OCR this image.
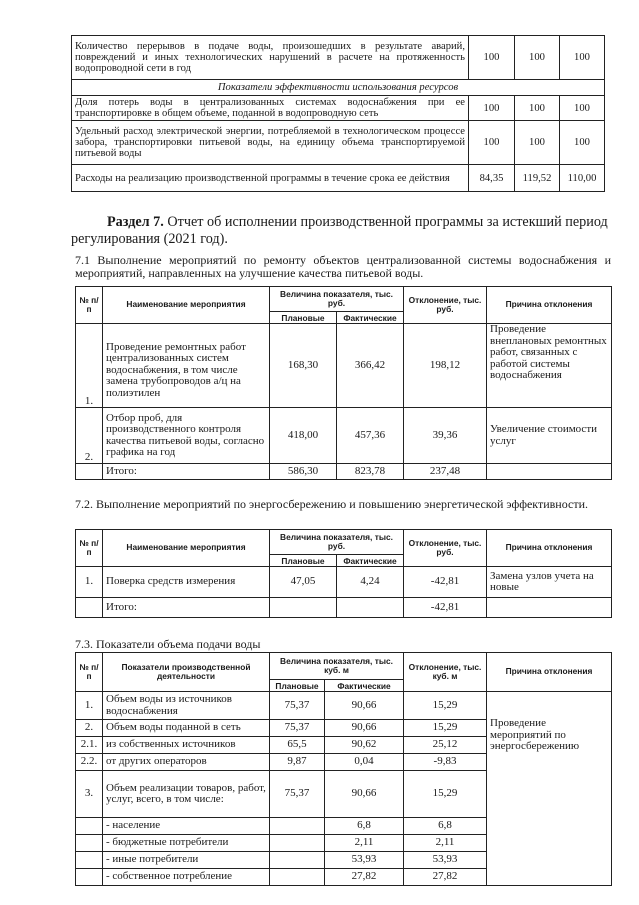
Количество перерывов в подаче воды, произошедших в результате аварий, повреждений и иных технологических нарушений в расчете на протяженность водопроводной сети в год	100	100	100
Показатели эффективности использования ресурсов			
Доля потерь воды в централизованных системах водоснабжения при ее транспортировке в общем объеме, поданной в водопроводную сеть	100	100	100
Удельный расход электрической энергии, потребляемой в технологическом процессе забора, транспортировки питьевой воды, на единицу объема транспортируемой питьевой воды	100	100	100
Расходы на реализацию производственной программы в течение срока ее действия	84,35	119,52	110,00
Раздел 7. Отчет об исполнении производственной программы за истекший период регулирования (2021 год).
7.1 Выполнение мероприятий по ремонту объектов централизованной системы водоснабжения и мероприятий, направленных на улучшение качества питьевой воды.
№ п/п	Наименование мероприятия	Величина показателя, тыс. руб.		Отклонение, тыс. руб.	Причина отклонения
		Плановые	Фактические		
1.	Проведение ремонтных работ централизованных систем водоснабжения, в том числе замена трубопроводов а/ц на полиэтилен	168,30	366,42	198,12	Проведение внеплановых ремонтных работ, связанных с работой системы водоснабжения
2.	Отбор проб, для производственного контроля качества питьевой воды, согласно графика на год	418,00	457,36	39,36	Увеличение стоимости услуг
	Итого:	586,30	823,78	237,48	
7.2. Выполнение мероприятий по энергосбережению и повышению энергетической эффективности.
№ п/п	Наименование мероприятия	Величина показателя, тыс. руб.		Отклонение, тыс. руб.	Причина отклонения
		Плановые	Фактические		
1.	Поверка средств измерения	47,05	4,24	-42,81	Замена узлов учета на новые
	Итого:			-42,81	
7.3. Показатели объема подачи воды
№ п/п	Показатели производственной деятельности	Величина показателя, тыс. куб. м		Отклонение, тыс. куб. м	Причина отклонения
		Плановые	Фактические		
1.	Объем воды из источников водоснабжения	75,37	90,66	15,29	Проведение мероприятий по энергосбережению
2.	Объем воды поданной в сеть	75,37	90,66	15,29	
2.1.	из собственных источников	65,5	90,62	25,12	
2.2.	от других операторов	9,87	0,04	-9,83	
3.	Объем реализации товаров, работ, услуг, всего, в том числе:	75,37	90,66	15,29	
	- население		6,8	6,8	
	- бюджетные потребители		2,11	2,11	
	- иные потребители		53,93	53,93	
	- собственное потребление		27,82	27,82	
